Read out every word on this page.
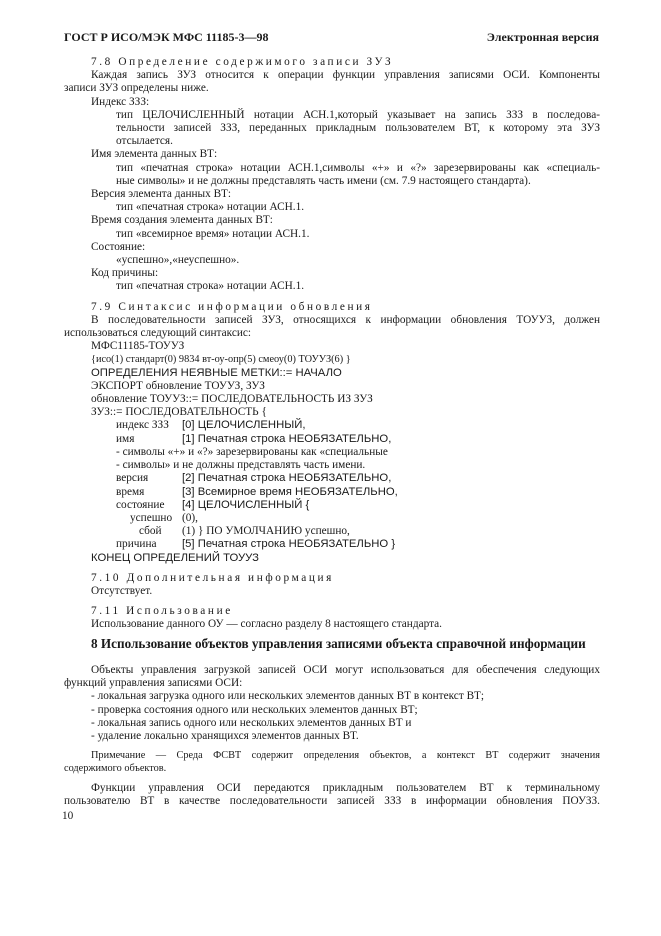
ГОСТ Р ИСО/МЭК МФС 11185-3—98	Электронная версия
7.8 Определение содержимого записи ЗУЗ
Каждая запись ЗУЗ относится к операции функции управления записями ОСИ. Компоненты
записи ЗУЗ определены ниже.
Индекс ЗЗЗ:
тип ЦЕЛОЧИСЛЕННЫЙ нотации АСН.1,который указывает на запись ЗЗЗ в последова-
тельности записей ЗЗЗ, переданных прикладным пользователем ВТ, к которому эта ЗУЗ
отсылается.
Имя элемента данных ВТ:
тип «печатная строка» нотации АСН.1,символы «+» и «?» зарезервированы как «специаль-
ные символы» и не должны представлять часть имени (см. 7.9 настоящего стандарта).
Версия элемента данных ВТ:
тип «печатная строка» нотации АСН.1.
Время создания элемента данных ВТ:
тип «всемирное время» нотации АСН.1.
Состояние:
«успешно»,«неуспешно».
Код причины:
тип «печатная строка» нотации АСН.1.
7.9 Синтаксис информации обновления
В последовательности записей ЗУЗ, относящихся к информации обновления ТОУУЗ, должен
использоваться следующий синтаксис:
МФС11185-ТОУУЗ
{исо(1) стандарт(0) 9834 вт-оу-опр(5) смеоу(0) ТОУУЗ(6) }
ОПРЕДЕЛЕНИЯ НЕЯВНЫЕ МЕТКИ::= НАЧАЛО
ЭКСПОРТ обновление ТОУУЗ, ЗУЗ
обновление ТОУУЗ::= ПОСЛЕДОВАТЕЛЬНОСТЬ ИЗ ЗУЗ
ЗУЗ::= ПОСЛЕДОВАТЕЛЬНОСТЬ {
индекс ЗЗЗ	[0] ЦЕЛОЧИСЛЕННЫЙ,
имя	[1] Печатная строка НЕОБЯЗАТЕЛЬНО,
- символы «+» и «?» зарезервированы как «специальные
- символы» и не должны представлять часть имени.
версия	[2] Печатная строка НЕОБЯЗАТЕЛЬНО,
время	[3] Всемирное время НЕОБЯЗАТЕЛЬНО,
состояние	[4] ЦЕЛОЧИСЛЕННЫЙ {
успешно (0),
сбой	(1) } ПО УМОЛЧАНИЮ успешно,
причина	[5] Печатная строка НЕОБЯЗАТЕЛЬНО }
КОНЕЦ ОПРЕДЕЛЕНИЙ ТОУУЗ
7.10 Дополнительная информация
Отсутствует.
7.11 Использование
Использование данного ОУ — согласно разделу 8 настоящего стандарта.
8 Использование объектов управления записями объекта справочной информации
Объекты управления загрузкой записей ОСИ могут использоваться для обеспечения следующих
функций управления записями ОСИ:
- локальная загрузка одного или нескольких элементов данных ВТ в контекст ВТ;
- проверка состояния одного или нескольких элементов данных ВТ;
- локальная запись одного или нескольких элементов данных ВТ и
- удаление локально хранящихся элементов данных ВТ.
Примечание — Среда ФСВТ содержит определения объектов, а контекст ВТ содержит значения
содержимого объектов.
Функции управления ОСИ передаются прикладным пользователем ВТ к терминальному
пользователю ВТ в качестве последовательности записей ЗЗЗ в информации обновления ПОУЗЗ.
10
